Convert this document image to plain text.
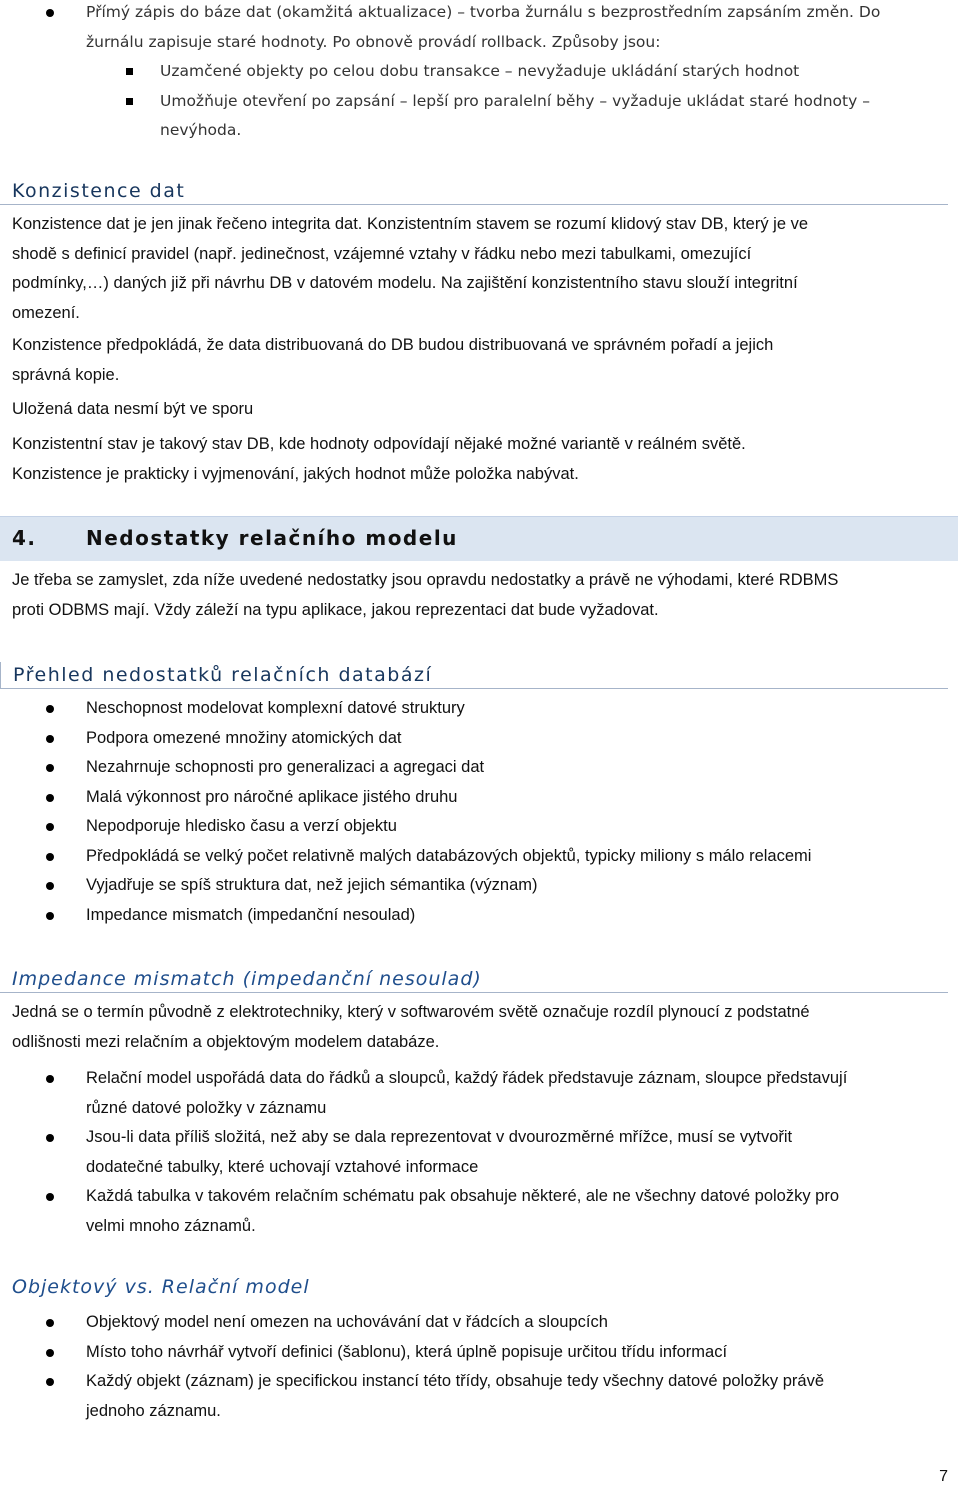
Přímý zápis do báze dat (okamžitá aktualizace) – tvorba žurnálu s bezprostředním zapsáním změn. Do
žurnálu zapisuje staré hodnoty. Po obnově provádí rollback. Způsoby jsou:
Uzamčené objekty po celou dobu transakce – nevyžaduje ukládání starých hodnot
Umožňuje otevření po zapsání – lepší pro paralelní běhy – vyžaduje ukládat staré hodnoty –
nevýhoda.
Konzistence dat
Konzistence dat je jen jinak řečeno integrita dat. Konzistentním stavem se rozumí klidový stav DB, který je ve
shodě s definicí pravidel (např. jedinečnost, vzájemné vztahy v řádku nebo mezi tabulkami, omezující
podmínky,…) daných již při návrhu DB v datovém modelu. Na zajištění konzistentního stavu slouží integritní
omezení.
Konzistence předpokládá, že data distribuovaná do DB budou distribuovaná ve správném pořadí a jejich
správná kopie.
Uložená data nesmí být ve sporu
Konzistentní stav je takový stav DB, kde hodnoty odpovídají nějaké možné variantě v reálném světě.
Konzistence je prakticky i vyjmenování, jakých hodnot může položka nabývat.
4. Nedostatky relačního modelu
Je třeba se zamyslet, zda níže uvedené nedostatky jsou opravdu nedostatky a právě ne výhodami, které RDBMS
proti ODBMS mají. Vždy záleží na typu aplikace, jakou reprezentaci dat bude vyžadovat.
Přehled nedostatků relačních databází
Neschopnost modelovat komplexní datové struktury
Podpora omezené množiny atomických dat
Nezahrnuje schopnosti pro generalizaci a agregaci dat
Malá výkonnost pro náročné aplikace jistého druhu
Nepodporuje hledisko času a verzí objektu
Předpokládá se velký počet relativně malých databázových objektů, typicky miliony s málo relacemi
Vyjadřuje se spíš struktura dat, než jejich sémantika (význam)
Impedance mismatch (impedanční nesoulad)
Impedance mismatch (impedanční nesoulad)
Jedná se o termín původně z elektrotechniky, který v softwarovém světě označuje rozdíl plynoucí z podstatné
odlišnosti mezi relačním a objektovým modelem databáze.
Relační model uspořádá data do řádků a sloupců, každý řádek představuje záznam, sloupce představují
různé datové položky v záznamu
Jsou-li data příliš složitá, než aby se dala reprezentovat v dvourozměrné mřížce, musí se vytvořit
dodatečné tabulky, které uchovají vztahové informace
Každá tabulka v takovém relačním schématu pak obsahuje některé, ale ne všechny datové položky pro
velmi mnoho záznamů.
Objektový vs. Relační model
Objektový model není omezen na uchovávání dat v řádcích a sloupcích
Místo toho návrhář vytvoří definici (šablonu), která úplně popisuje určitou třídu informací
Každý objekt (záznam) je specifickou instancí této třídy, obsahuje tedy všechny datové položky právě
jednoho záznamu.
7
